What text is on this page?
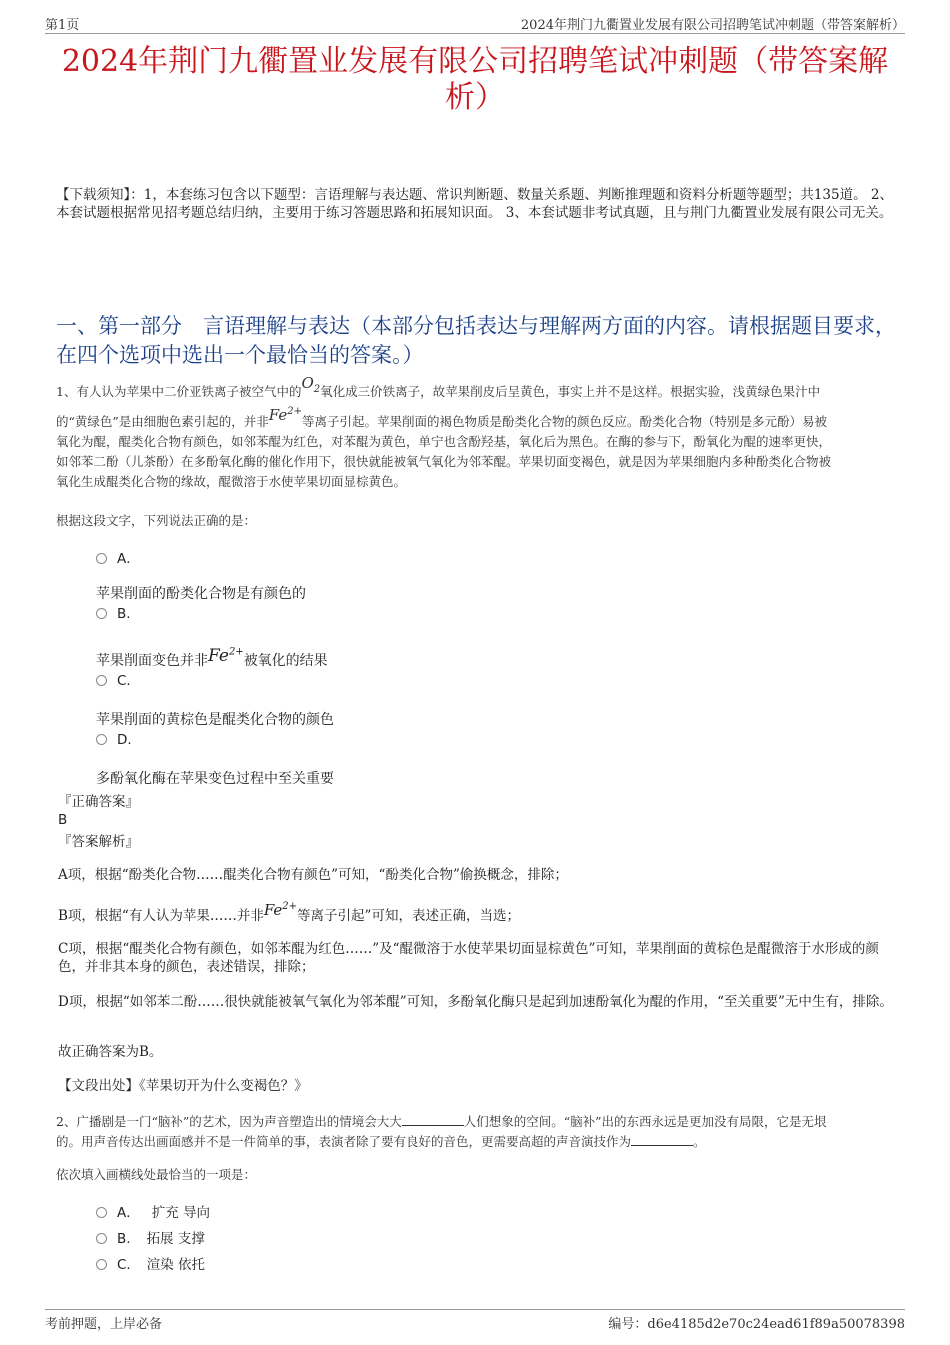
第1页	2024年荆门九衢置业发展有限公司招聘笔试冲刺题（带答案解析）
2024年荆门九衢置业发展有限公司招聘笔试冲刺题（带答案解
析）
【下载须知】：1，本套练习包含以下题型：言语理解与表达题、常识判断题、数量关系题、判断推理题和资料分析题等题型；共135道。 2、本套试题根据常见招考题总结归纳，主要用于练习答题思路和拓展知识面。 3、本套试题非考试真题，且与荆门九衢置业发展有限公司无关。
一、第一部分　言语理解与表达（本部分包括表达与理解两方面的内容。请根据题目要求，在四个选项中选出一个最恰当的答案。）
1、有人认为苹果中二价亚铁离子被空气中的$O_2$氧化成三价铁离子，故苹果削皮后呈黄色，事实上并不是这样。根据实验，浅黄绿色果汁中
的“黄绿色”是由细胞色素引起的，并非$Fe^{2+}$等离子引起。苹果削面的褐色物质是酚类化合物的颜色反应。酚类化合物（特别是多元酚）易被
氧化为醌，醌类化合物有颜色，如邻苯醌为红色，对苯醌为黄色，单宁也含酚羟基，氧化后为黑色。在酶的参与下，酚氧化为醌的速率更快，
如邻苯二酚（儿茶酚）在多酚氧化酶的催化作用下，很快就能被氧气氧化为邻苯醌。苹果切面变褐色，就是因为苹果细胞内多种酚类化合物被
氧化生成醌类化合物的缘故，醌微溶于水使苹果切面显棕黄色。
根据这段文字，下列说法正确的是：
A．
苹果削面的酚类化合物是有颜色的
B.
苹果削面变色并非$Fe^{2+}$被氧化的结果
C.
苹果削面的黄棕色是醌类化合物的颜色
D.
多酚氧化酶在苹果变色过程中至关重要
『正确答案』
B
『答案解析』
A项，根据“酚类化合物……醌类化合物有颜色”可知，“酚类化合物”偷换概念，排除；
B项，根据“有人认为苹果……并非$Fe^{2+}$等离子引起”可知，表述正确，当选；
C项，根据“醌类化合物有颜色，如邻苯醌为红色……”及“醌微溶于水使苹果切面显棕黄色”可知，苹果削面的黄棕色是醌微溶于水形成的颜色，并非其本身的颜色，表述错误，排除；
D项，根据“如邻苯二酚……很快就能被氧气氧化为邻苯醌”可知，多酚氧化酶只是起到加速酚氧化为醌的作用，“至关重要”无中生有，排除。
故正确答案为B。
【文段出处】《苹果切开为什么变褐色？》
2、广播剧是一门“脑补”的艺术，因为声音塑造出的情境会大大	人们想象的空间。“脑补”出的东西永远是更加没有局限，它是无垠
的。用声音传达出画面感并不是一件简单的事，表演者除了要有良好的音色，更需要高超的声音演技作为	。
依次填入画横线处最恰当的一项是：
A． 扩充 导向
B. 拓展 支撑
C. 渲染 依托
考前押题，上岸必备	编号：d6e4185d2e70c24ead61f89a50078398
